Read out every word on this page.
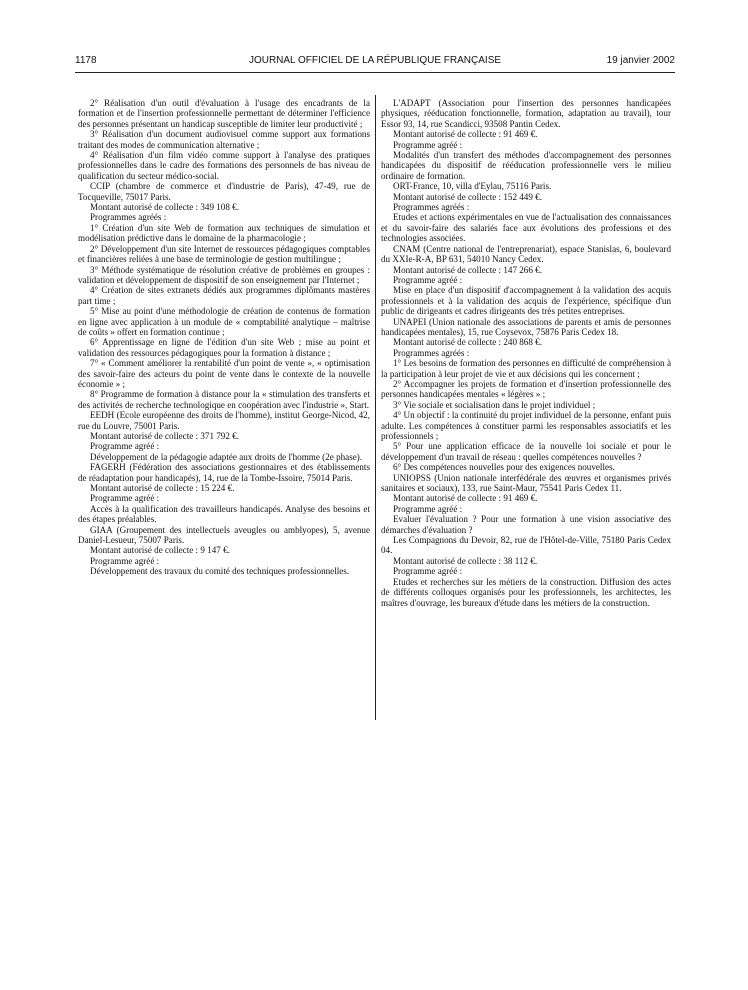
1178	JOURNAL OFFICIEL DE LA RÉPUBLIQUE FRANÇAISE	19 janvier 2002

2° Réalisation d'un outil d'évaluation à l'usage des encadrants de la formation et de l'insertion professionnelle permettant de déterminer l'efficience des personnes présentant un handicap susceptible de limiter leur productivité ;

3° Réalisation d'un document audiovisuel comme support aux formations traitant des modes de communication alternative ;

4° Réalisation d'un film vidéo comme support à l'analyse des pratiques professionnelles dans le cadre des formations des personnels de bas niveau de qualification du secteur médico-social.

CCIP (chambre de commerce et d'industrie de Paris), 47-49, rue de Tocqueville, 75017 Paris.

Montant autorisé de collecte : 349 108 €.

Programmes agréés :

1° Création d'un site Web de formation aux techniques de simulation et modélisation prédictive dans le domaine de la pharmacologie ;

2° Développement d'un site Internet de ressources pédagogiques comptables et financières reliées à une base de terminologie de gestion multilingue ;

3° Méthode systématique de résolution créative de problèmes en groupes : validation et développement de dispositif de son enseignement par l'Internet ;

4° Création de sites extranets dédiés aux programmes diplômants mastères part time ;

5° Mise au point d'une méthodologie de création de contenus de formation en ligne avec application à un module de « comptabilité analytique – maîtrise de coûts » offert en formation continue ;

6° Apprentissage en ligne de l'édition d'un site Web ; mise au point et validation des ressources pédagogiques pour la formation à distance ;

7° « Comment améliorer la rentabilité d'un point de vente », « optimisation des savoir-faire des acteurs du point de vente dans le contexte de la nouvelle économie » ;

8° Programme de formation à distance pour la « stimulation des transferts et des activités de recherche technologique en coopération avec l'industrie », Start.

EEDH (Ecole européenne des droits de l'homme), institut George-Nicod, 42, rue du Louvre, 75001 Paris.

Montant autorisé de collecte : 371 792 €.

Programme agréé :

Développement de la pédagogie adaptée aux droits de l'homme (2e phase).

FAGERH (Fédération des associations gestionnaires et des établissements de réadaptation pour handicapés), 14, rue de la Tombe-Issoire, 75014 Paris.

Montant autorisé de collecte : 15 224 €.

Programme agréé :

Accès à la qualification des travailleurs handicapés. Analyse des besoins et des étapes préalables.

GIAA (Groupement des intellectuels aveugles ou amblyopes), 5, avenue Daniel-Lesueur, 75007 Paris.

Montant autorisé de collecte : 9 147 €.

Programme agréé :

Développement des travaux du comité des techniques professionnelles.

L'ADAPT (Association pour l'insertion des personnes handicapées physiques, rééducation fonctionnelle, formation, adaptation au travail), tour Essor 93, 14, rue Scandicci, 93508 Pantin Cedex.

Montant autorisé de collecte : 91 469 €.

Programme agréé :

Modalités d'un transfert des méthodes d'accompagnement des personnes handicapées du dispositif de rééducation professionnelle vers le milieu ordinaire de formation.

ORT-France, 10, villa d'Eylau, 75116 Paris.

Montant autorisé de collecte : 152 449 €.

Programmes agréés :

Etudes et actions expérimentales en vue de l'actualisation des connaissances et du savoir-faire des salariés face aux évolutions des professions et des technologies associées.

CNAM (Centre national de l'entreprenariat), espace Stanislas, 6, boulevard du XXIe-R-A, BP 631, 54010 Nancy Cedex.

Montant autorisé de collecte : 147 266 €.

Programme agréé :

Mise en place d'un dispositif d'accompagnement à la validation des acquis professionnels et à la validation des acquis de l'expérience, spécifique d'un public de dirigeants et cadres dirigeants des très petites entreprises.

UNAPEI (Union nationale des associations de parents et amis de personnes handicapées mentales), 15, rue Coysevox, 75876 Paris Cedex 18.

Montant autorisé de collecte : 240 868 €.

Programmes agréés :

1° Les besoins de formation des personnes en difficulté de compréhension à la participation à leur projet de vie et aux décisions qui les concernent ;

2° Accompagner les projets de formation et d'insertion professionnelle des personnes handicapées mentales « légères » ;

3° Vie sociale et socialisation dans le projet individuel ;

4° Un objectif : la continuité du projet individuel de la personne, enfant puis adulte. Les compétences à constituer parmi les responsables associatifs et les professionnels ;

5° Pour une application efficace de la nouvelle loi sociale et pour le développement d'un travail de réseau : quelles compétences nouvelles ?

6° Des compétences nouvelles pour des exigences nouvelles.

UNIOPSS (Union nationale interfédérale des œuvres et organismes privés sanitaires et sociaux), 133, rue Saint-Maur, 75541 Paris Cedex 11.

Montant autorisé de collecte : 91 469 €.

Programme agréé :

Evaluer l'évaluation ? Pour une formation à une vision associative des démarches d'évaluation ?

Les Compagnons du Devoir, 82, rue de l'Hôtel-de-Ville, 75180 Paris Cedex 04.

Montant autorisé de collecte : 38 112 €.

Programme agréé :

Etudes et recherches sur les métiers de la construction. Diffusion des actes de différents colloques organisés pour les professionnels, les architectes, les maîtres d'ouvrage, les bureaux d'étude dans les métiers de la construction.
